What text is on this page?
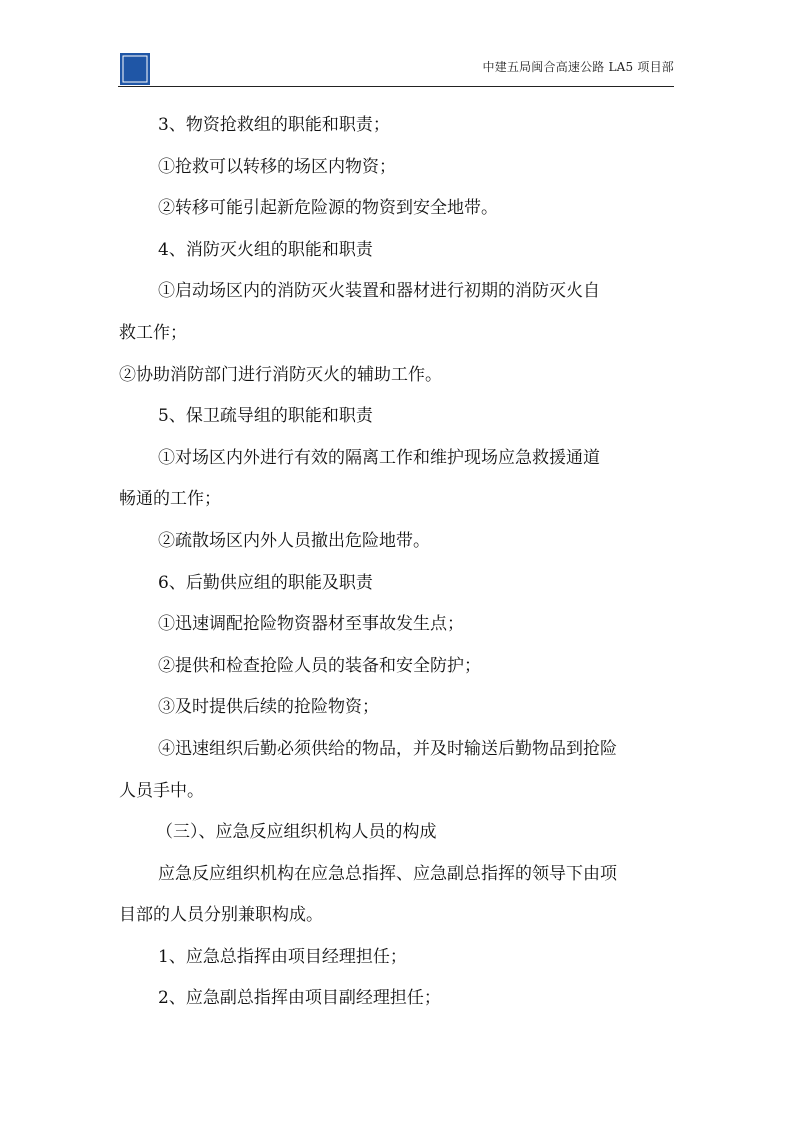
中建五局闽合高速公路 LA5 项目部
3、物资抢救组的职能和职责；
①抢救可以转移的场区内物资；
②转移可能引起新危险源的物资到安全地带。
4、消防灭火组的职能和职责
①启动场区内的消防灭火装置和器材进行初期的消防灭火自
救工作；
②协助消防部门进行消防灭火的辅助工作。
5、保卫疏导组的职能和职责
①对场区内外进行有效的隔离工作和维护现场应急救援通道
畅通的工作；
②疏散场区内外人员撤出危险地带。
6、后勤供应组的职能及职责
①迅速调配抢险物资器材至事故发生点；
②提供和检查抢险人员的装备和安全防护；
③及时提供后续的抢险物资；
④迅速组织后勤必须供给的物品，并及时输送后勤物品到抢险
人员手中。
（三）、应急反应组织机构人员的构成
应急反应组织机构在应急总指挥、应急副总指挥的领导下由项
目部的人员分别兼职构成。
1、应急总指挥由项目经理担任；
2、应急副总指挥由项目副经理担任；
